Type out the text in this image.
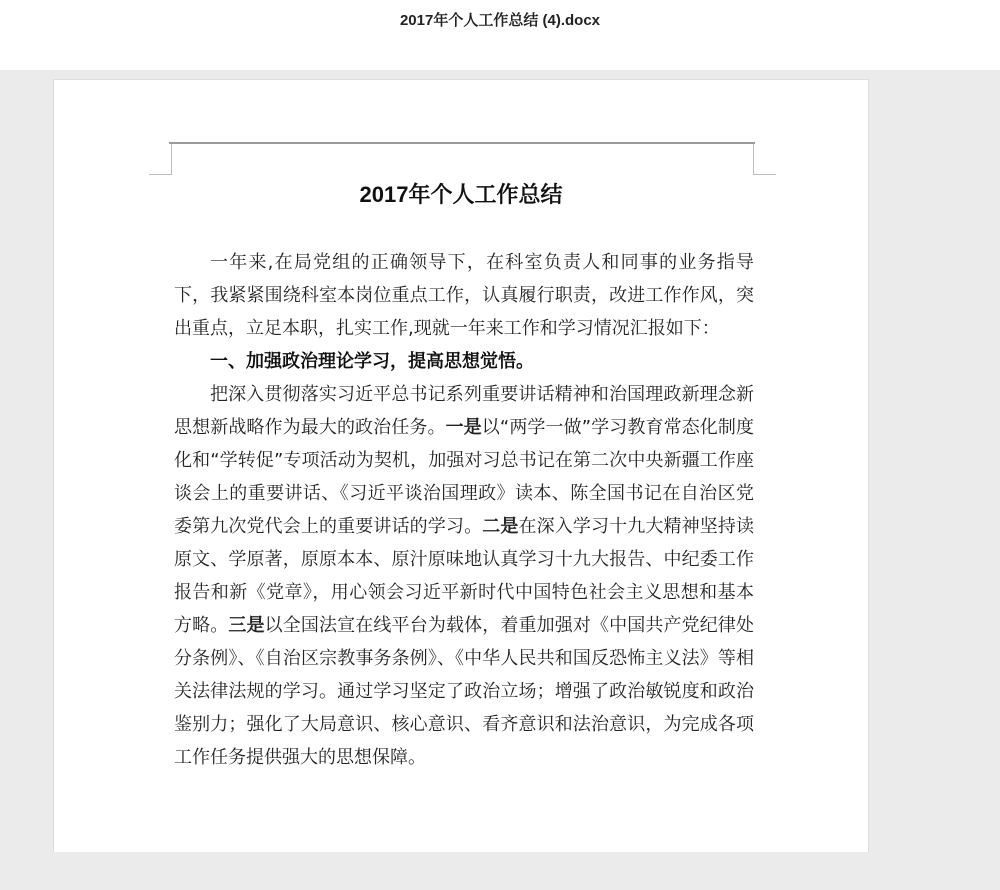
2017年个人工作总结 (4).docx
2017年个人工作总结

一年来,在局党组的正确领导下，在科室负责人和同事的业务指导下，我紧紧围绕科室本岗位重点工作，认真履行职责，改进工作作风，突出重点，立足本职，扎实工作,现就一年来工作和学习情况汇报如下：

一、加强政治理论学习，提高思想觉悟。

把深入贯彻落实习近平总书记系列重要讲话精神和治国理政新理念新思想新战略作为最大的政治任务。一是以“两学一做”学习教育常态化制度化和“学转促”专项活动为契机，加强对习总书记在第二次中央新疆工作座谈会上的重要讲话、《习近平谈治国理政》读本、陈全国书记在自治区党委第九次党代会上的重要讲话的学习。二是在深入学习十九大精神坚持读原文、学原著，原原本本、原汁原味地认真学习十九大报告、中纪委工作报告和新《党章》，用心领会习近平新时代中国特色社会主义思想和基本方略。三是以全国法宣在线平台为载体，着重加强对《中国共产党纪律处分条例》、《自治区宗教事务条例》、《中华人民共和国反恐怖主义法》等相关法律法规的学习。通过学习坚定了政治立场；增强了政治敏锐度和政治鉴别力；强化了大局意识、核心意识、看齐意识和法治意识，为完成各项工作任务提供强大的思想保障。
